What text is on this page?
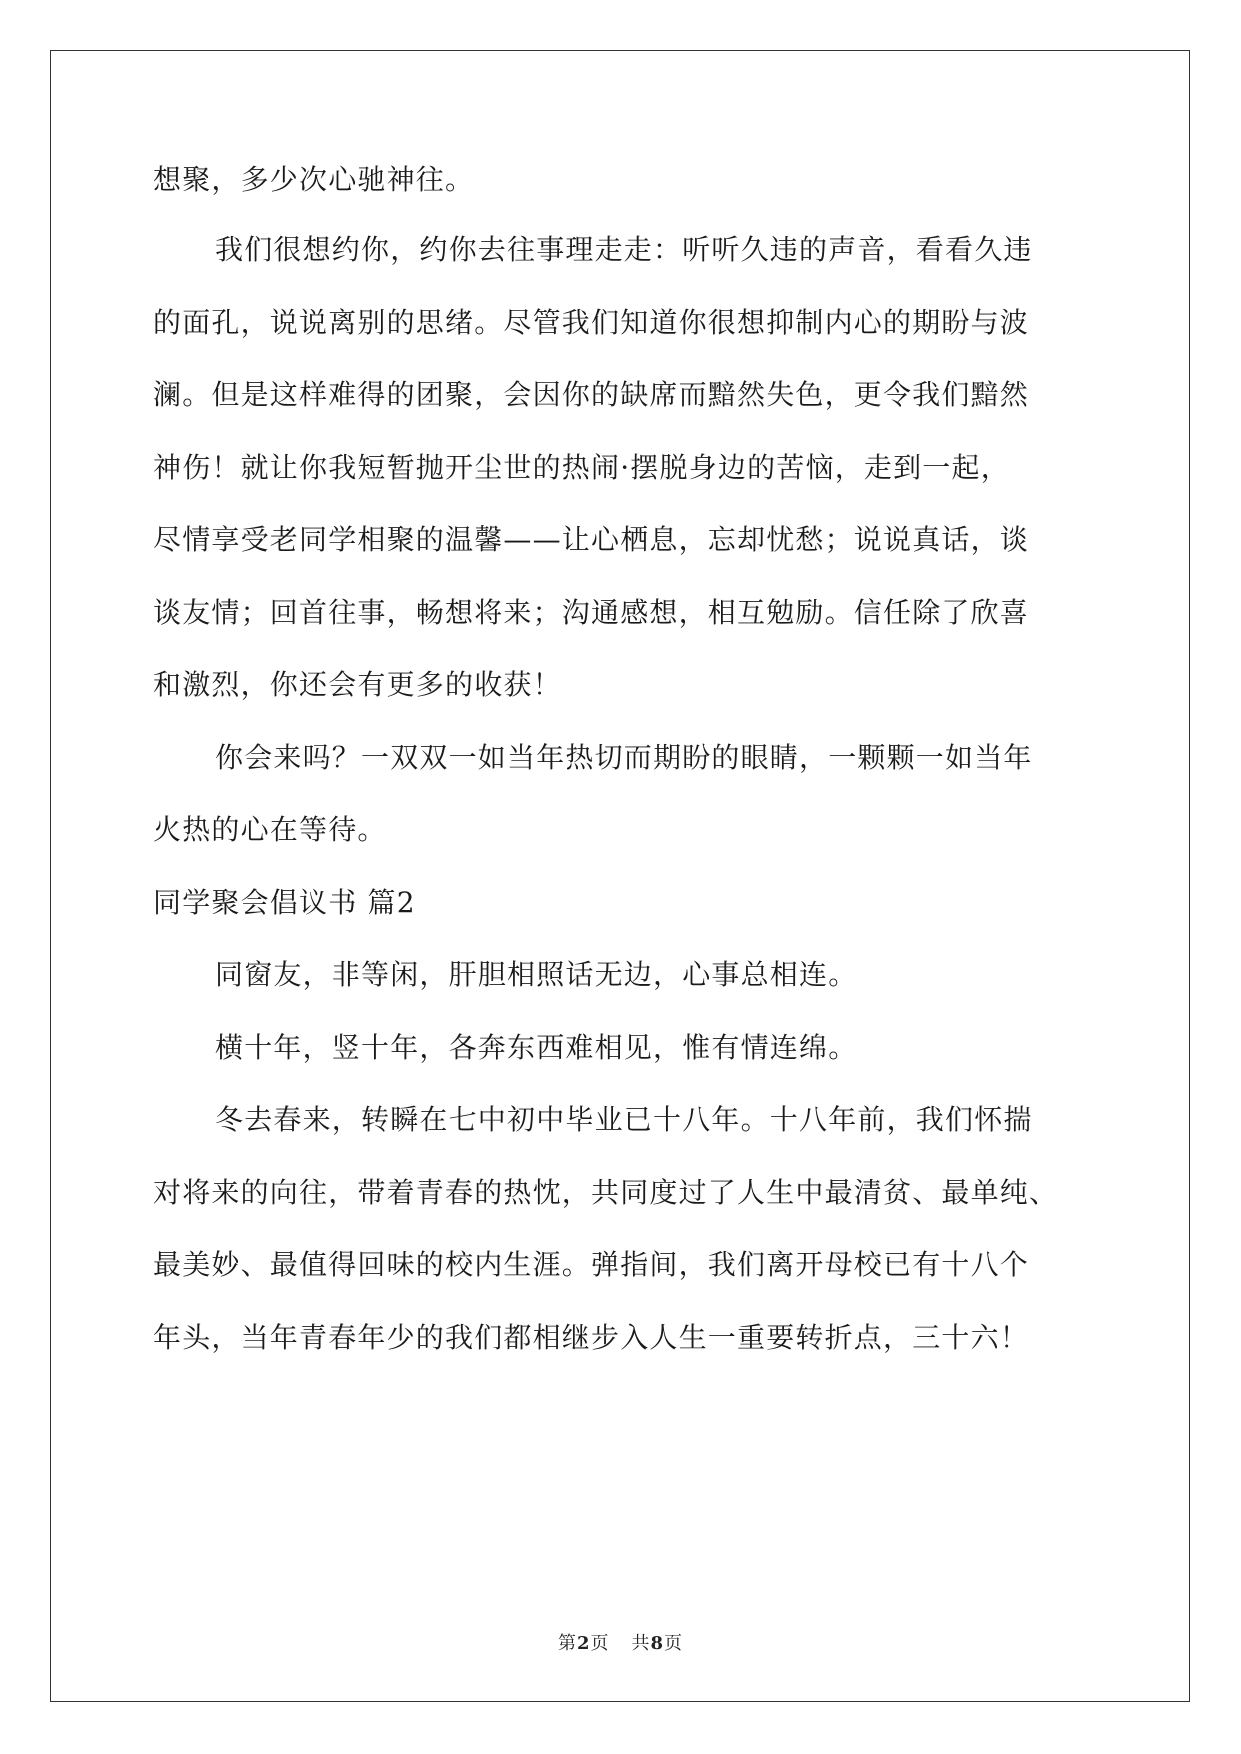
想聚，多少次心驰神往。
我们很想约你，约你去往事理走走：听听久违的声音，看看久违
的面孔，说说离别的思绪。尽管我们知道你很想抑制内心的期盼与波
澜。但是这样难得的团聚，会因你的缺席而黯然失色，更令我们黯然
神伤！就让你我短暂抛开尘世的热闹·摆脱身边的苦恼，走到一起，
尽情享受老同学相聚的温馨——让心栖息，忘却忧愁；说说真话，谈
谈友情；回首往事，畅想将来；沟通感想，相互勉励。信任除了欣喜
和激烈，你还会有更多的收获！
你会来吗？一双双一如当年热切而期盼的眼睛，一颗颗一如当年
火热的心在等待。
同学聚会倡议书 篇2
同窗友，非等闲，肝胆相照话无边，心事总相连。
横十年，竖十年，各奔东西难相见，惟有情连绵。
冬去春来，转瞬在七中初中毕业已十八年。十八年前，我们怀揣
对将来的向往，带着青春的热忱，共同度过了人生中最清贫、最单纯、
最美妙、最值得回味的校内生涯。弹指间，我们离开母校已有十八个
年头，当年青春年少的我们都相继步入人生一重要转折点，三十六！
第2页 共8页
